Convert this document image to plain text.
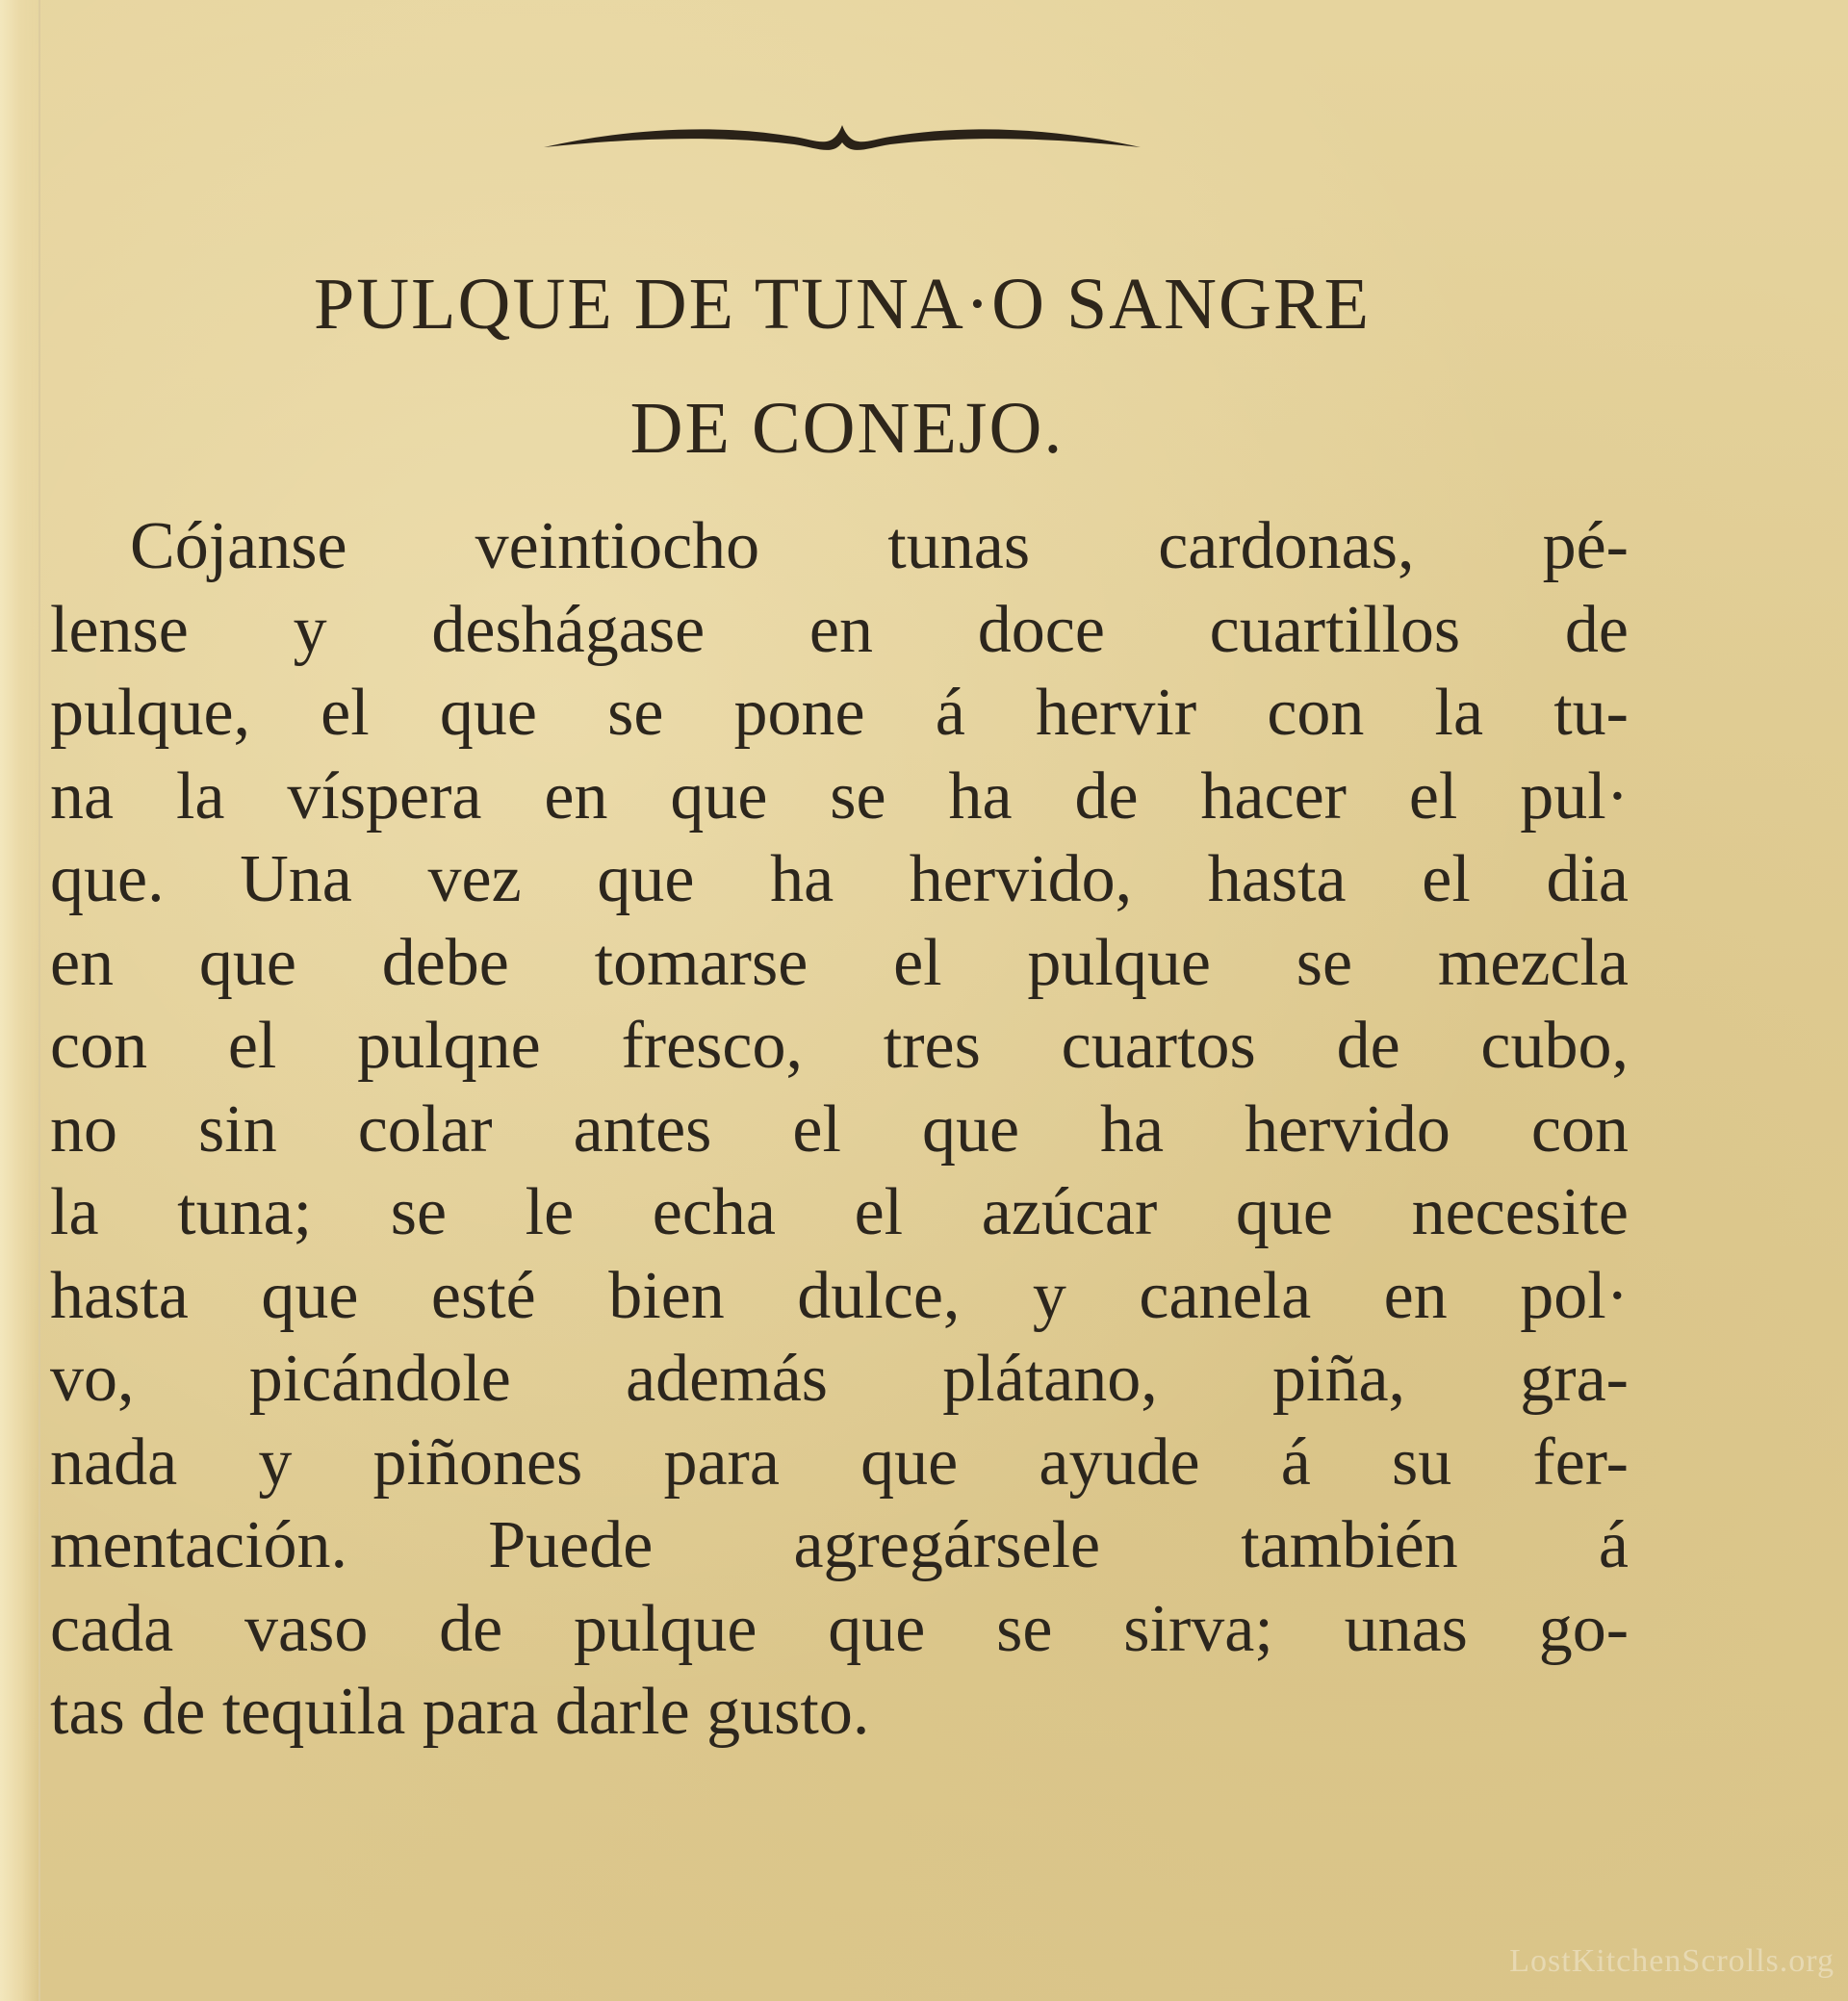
PULQUE DE TUNA·O SANGRE
DE CONEJO.
Cójanse veintiocho tunas cardonas, pé-
lense y deshágase en doce cuartillos de
pulque, el que se pone á hervir con la tu-
na la víspera en que se ha de hacer el pul·
que. Una vez que ha hervido, hasta el dia
en que debe tomarse el pulque se mezcla
con el pulqne fresco, tres cuartos de cubo,
no sin colar antes el que ha hervido con
la tuna; se le echa el azúcar que necesite
hasta que esté bien dulce, y canela en pol·
vo, picándole además plátano, piña, gra-
nada y piñones para que ayude á su fer-
mentación. Puede agregársele también á
cada vaso de pulque que se sirva; unas go-
tas de tequila para darle gusto.
LostKitchenScrolls.org
